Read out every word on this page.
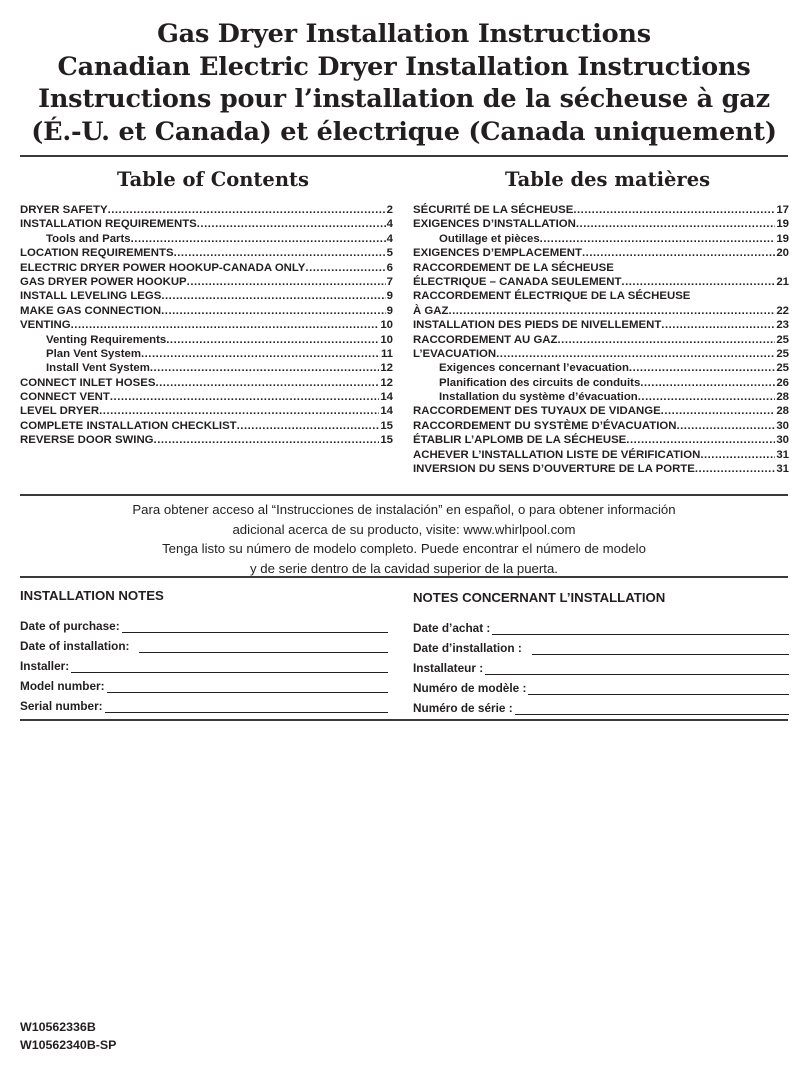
Gas Dryer Installation Instructions
Canadian Electric Dryer Installation Instructions
Instructions pour l’installation de la sécheuse à gaz
(É.-U. et Canada) et électrique (Canada uniquement)
Table of Contents	Table des matières
DRYER SAFETY .....	2
INSTALLATION REQUIREMENTS .....	4
Tools and Parts .....	4
LOCATION REQUIREMENTS .....	5
ELECTRIC DRYER POWER HOOKUP-CANADA ONLY .....	6
GAS DRYER POWER HOOKUP .....	7
INSTALL LEVELING LEGS .....	9
MAKE GAS CONNECTION .....	9
VENTING .....	10
Venting Requirements .....	10
Plan Vent System .....	11
Install Vent System .....	12
CONNECT INLET HOSES .....	12
CONNECT VENT .....	14
LEVEL DRYER .....	14
COMPLETE INSTALLATION CHECKLIST .....	15
REVERSE DOOR SWING .....	15
SÉCURITÉ DE LA SÉCHEUSE .....	17
EXIGENCES D’INSTALLATION .....	19
Outillage et pièces .....	19
EXIGENCES D’EMPLACEMENT .....	20
RACCORDEMENT DE LA SÉCHEUSE
ÉLECTRIQUE – CANADA SEULEMENT .....	21
RACCORDEMENT ÉLECTRIQUE DE LA SÉCHEUSE
À GAZ .....	22
INSTALLATION DES PIEDS DE NIVELLEMENT .....	23
RACCORDEMENT AU GAZ .....	25
L’EVACUATION .....	25
Exigences concernant l’evacuation .....	25
Planification des circuits de conduits .....	26
Installation du système d’évacuation .....	28
RACCORDEMENT DES TUYAUX DE VIDANGE .....	28
RACCORDEMENT DU SYSTÈME D’ÉVACUATION .....	30
ÉTABLIR L’APLOMB DE LA SÉCHEUSE .....	30
ACHEVER L’INSTALLATION LISTE DE VÉRIFICATION .....	31
INVERSION DU SENS D’OUVERTURE DE LA PORTE .....	31
Para obtener acceso al “Instrucciones de instalación” en español, o para obtener información
adicional acerca de su producto, visite: www.whirlpool.com
Tenga listo su número de modelo completo. Puede encontrar el número de modelo
y de serie dentro de la cavidad superior de la puerta.
INSTALLATION NOTES
Date of purchase:
Date of installation:
Installer:
Model number:
Serial number:
NOTES CONCERNANT L’INSTALLATION
Date d’achat :
Date d’installation :
Installateur :
Numéro de modèle :
Numéro de série :
W10562336B
W10562340B-SP
